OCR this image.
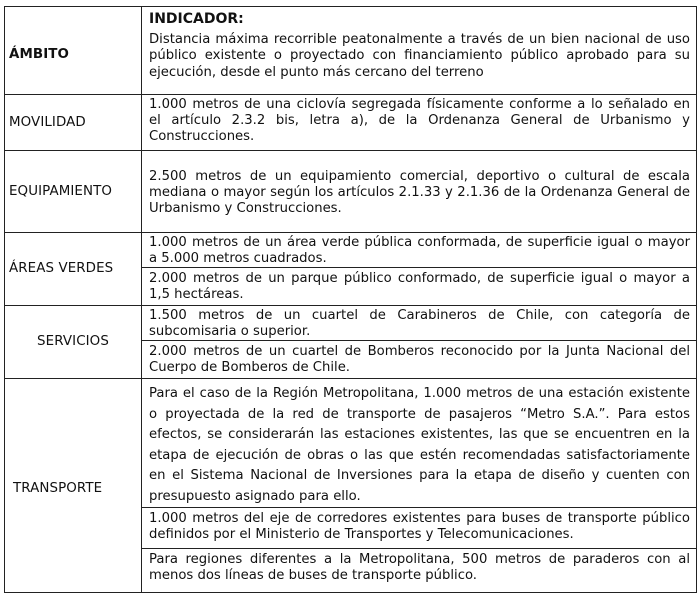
ÁMBITO
INDICADOR:
Distancia máxima recorrible peatonalmente a través de un bien nacional de uso público existente o proyectado con financiamiento público aprobado para su ejecución, desde el punto más cercano del terreno
MOVILIDAD
1.000 metros de una ciclovía segregada físicamente conforme a lo señalado en el artículo 2.3.2 bis, letra a), de la Ordenanza General de Urbanismo y Construcciones.
EQUIPAMIENTO
2.500 metros de un equipamiento comercial, deportivo o cultural de escala mediana o mayor según los artículos 2.1.33 y 2.1.36 de la Ordenanza General de Urbanismo y Construcciones.
ÁREAS VERDES
1.000 metros de un área verde pública conformada, de superficie igual o mayor a 5.000 metros cuadrados.
2.000 metros de un parque público conformado, de superficie igual o mayor a 1,5 hectáreas.
SERVICIOS
1.500 metros de un cuartel de Carabineros de Chile, con categoría de subcomisaria o superior.
2.000 metros de un cuartel de Bomberos reconocido por la Junta Nacional del Cuerpo de Bomberos de Chile.
TRANSPORTE
Para el caso de la Región Metropolitana, 1.000 metros de una estación existente o proyectada de la red de transporte de pasajeros “Metro S.A.”. Para estos efectos, se considerarán las estaciones existentes, las que se encuentren en la etapa de ejecución de obras o las que estén recomendadas satisfactoriamente en el Sistema Nacional de Inversiones para la etapa de diseño y cuenten con presupuesto asignado para ello.
1.000 metros del eje de corredores existentes para buses de transporte público definidos por el Ministerio de Transportes y Telecomunicaciones.
Para regiones diferentes a la Metropolitana, 500 metros de paraderos con al menos dos líneas de buses de transporte público.
